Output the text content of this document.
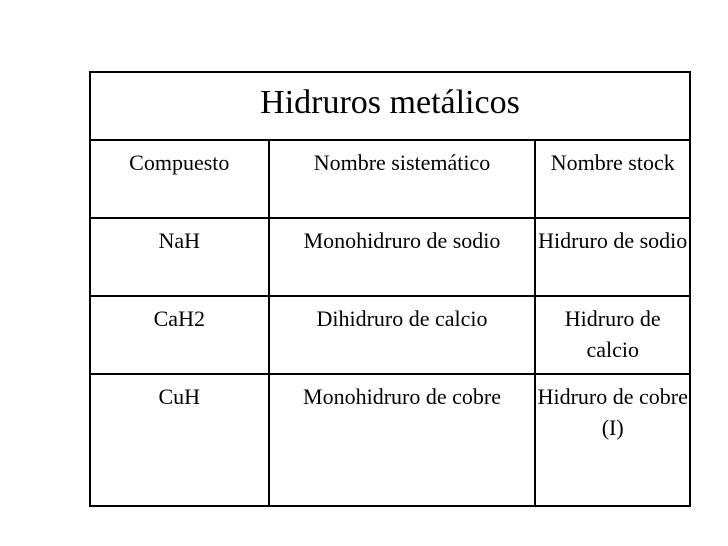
Hidruros metálicos		

Compuesto	Nombre sistemático	Nombre stock

NaH	Monohidruro de sodio	Hidruro de sodio

CaH2	Dihidruro de calcio	Hidruro de calcio

CuH	Monohidruro de cobre	Hidruro de cobre (I)
